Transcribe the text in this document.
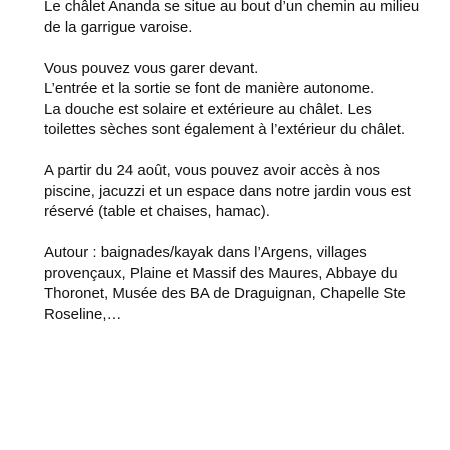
Le châlet Ananda se situe au bout d’un chemin au milieu de la garrigue varoise.

Vous pouvez vous garer devant.
L’entrée et la sortie se font de manière autonome.
La douche est solaire et extérieure au châlet. Les toilettes sèches sont également à l’extérieur du châlet.

A partir du 24 août, vous pouvez avoir accès à nos piscine, jacuzzi et un espace dans notre jardin vous est réservé (table et chaises, hamac).

Autour : baignades/kayak dans l’Argens, villages provençaux, Plaine et Massif des Maures, Abbaye du Thoronet, Musée des BA de Draguignan, Chapelle Ste Roseline,…
